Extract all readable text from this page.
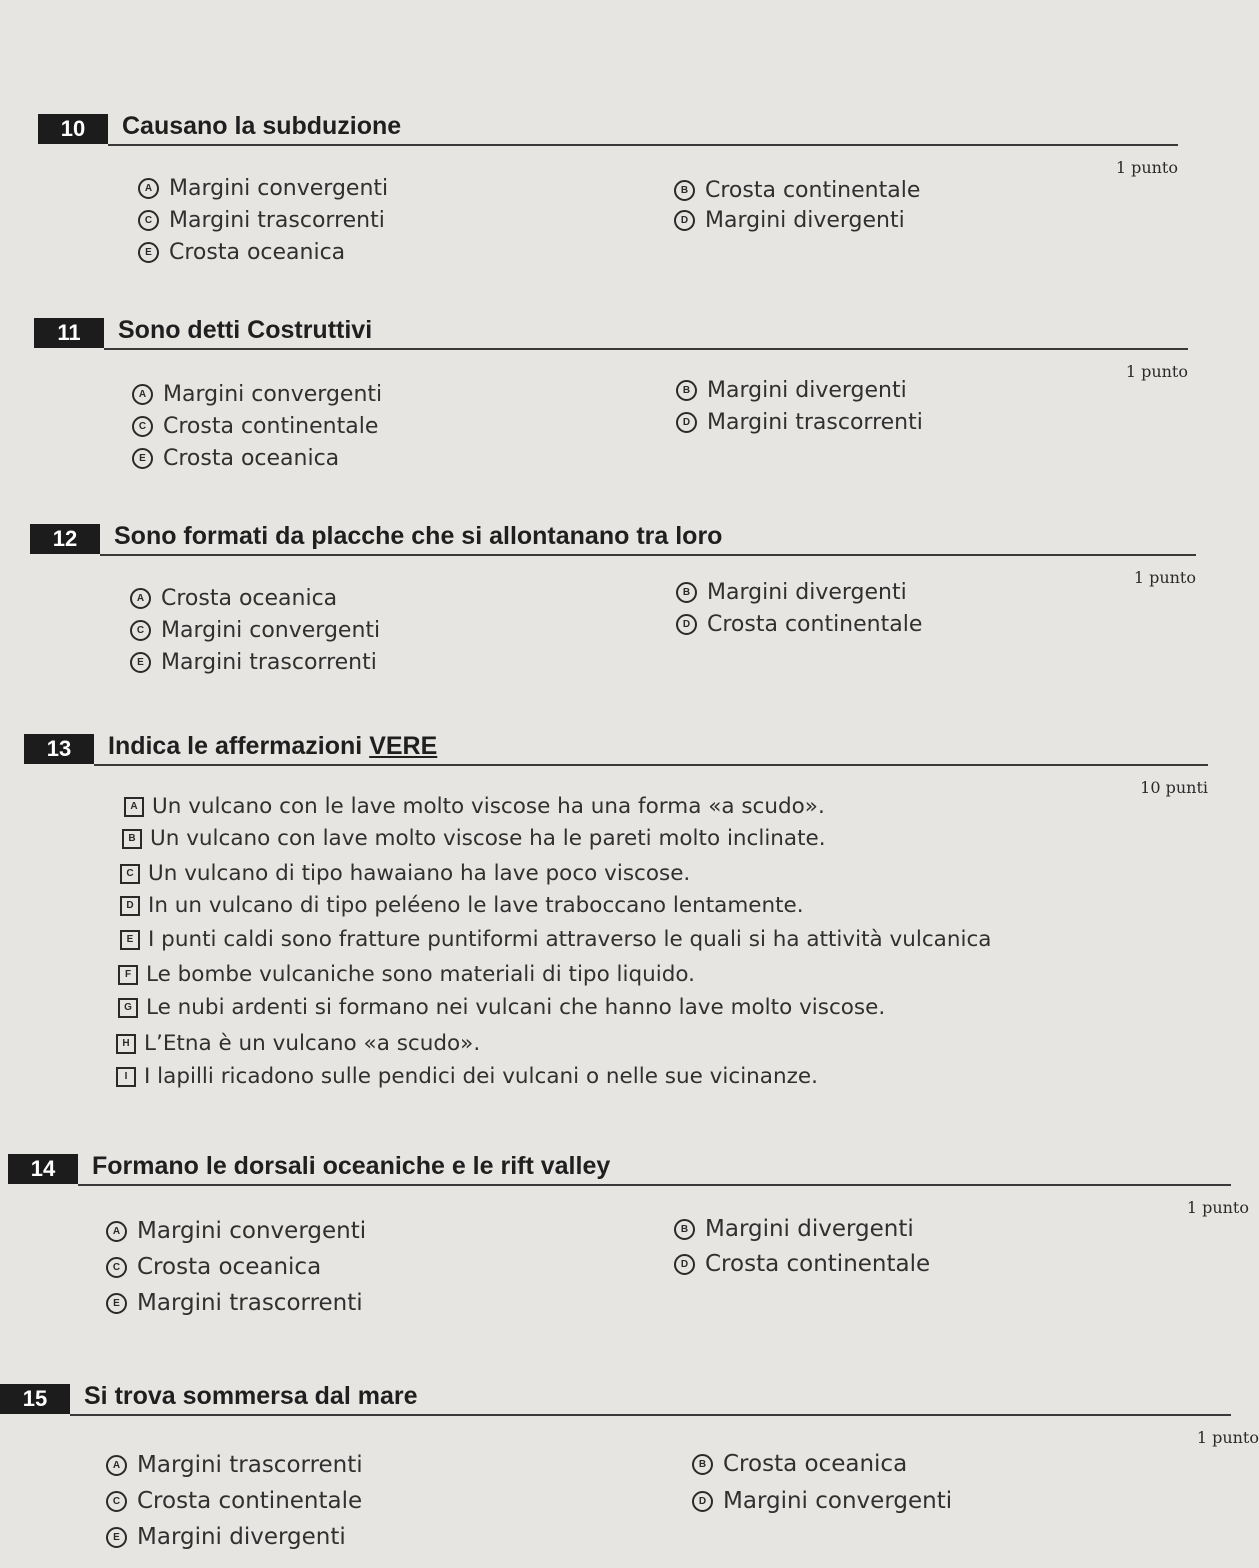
10	Causano la subduzione
1 punto
A Margini convergenti	B Crosta continentale
C Margini trascorrenti	D Margini divergenti
E Crosta oceanica
11	Sono detti Costruttivi
1 punto
A Margini convergenti	B Margini divergenti
C Crosta continentale	D Margini trascorrenti
E Crosta oceanica
12	Sono formati da placche che si allontanano tra loro
1 punto
A Crosta oceanica	B Margini divergenti
C Margini convergenti	D Crosta continentale
E Margini trascorrenti
13	Indica le affermazioni VERE
10 punti
A Un vulcano con le lave molto viscose ha una forma «a scudo».
B Un vulcano con lave molto viscose ha le pareti molto inclinate.
C Un vulcano di tipo hawaiano ha lave poco viscose.
D In un vulcano di tipo peléeno le lave traboccano lentamente.
E I punti caldi sono fratture puntiformi attraverso le quali si ha attività vulcanica
F Le bombe vulcaniche sono materiali di tipo liquido.
G Le nubi ardenti si formano nei vulcani che hanno lave molto viscose.
H L’Etna è un vulcano «a scudo».
I I lapilli ricadono sulle pendici dei vulcani o nelle sue vicinanze.
14	Formano le dorsali oceaniche e le rift valley
1 punto
A Margini convergenti	B Margini divergenti
C Crosta oceanica	D Crosta continentale
E Margini trascorrenti
15	Si trova sommersa dal mare
1 punto
A Margini trascorrenti	B Crosta oceanica
C Crosta continentale	D Margini convergenti
E Margini divergenti
